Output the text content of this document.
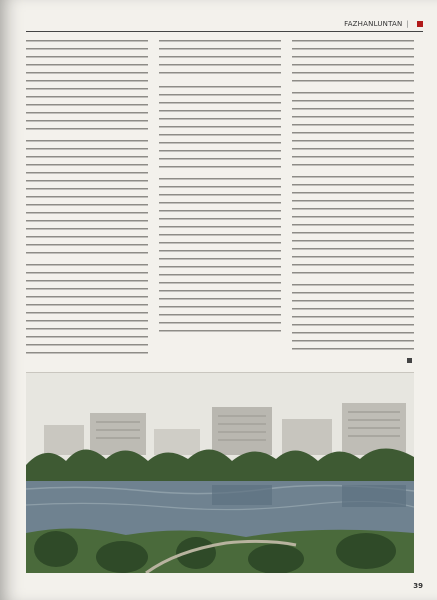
FAZHANLUNTAN |
39
